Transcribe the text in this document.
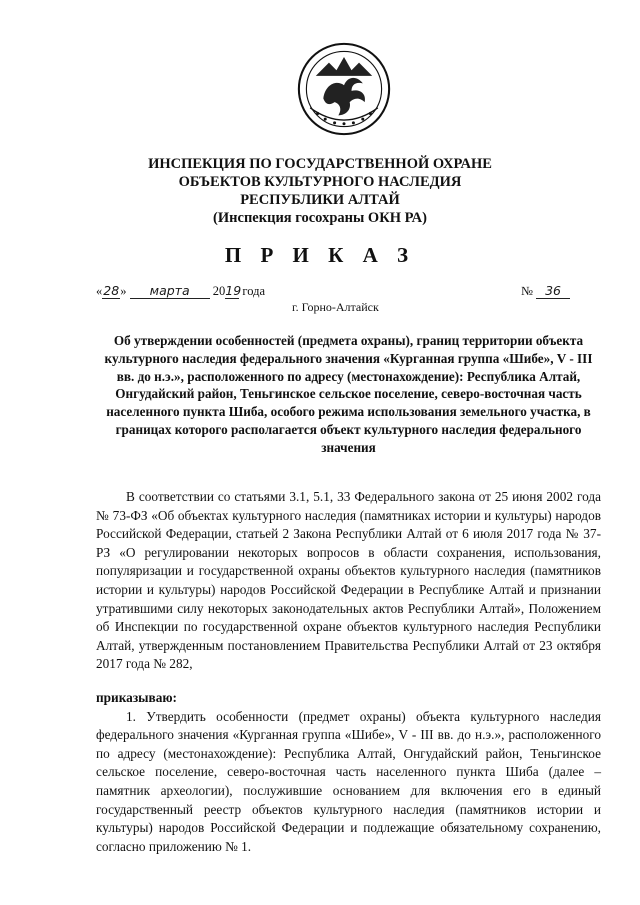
ИНСПЕКЦИЯ ПО ГОСУДАРСТВЕННОЙ ОХРАНЕ
ОБЪЕКТОВ КУЛЬТУРНОГО НАСЛЕДИЯ
РЕСПУБЛИКИ АЛТАЙ
(Инспекция госохраны ОКН РА)
П Р И К А З
«28» марта 2019 года	№ 36
г. Горно-Алтайск
Об утверждении особенностей (предмета охраны), границ территории объекта культурного наследия федерального значения «Курганная группа «Шибе», V - III вв. до н.э.», расположенного по адресу (местонахождение): Республика Алтай, Онгудайский район, Теньгинское сельское поселение, северо-восточная часть населенного пункта Шиба, особого режима использования земельного участка, в границах которого располагается объект культурного наследия федерального значения
В соответствии со статьями 3.1, 5.1, 33 Федерального закона от 25 июня 2002 года № 73-ФЗ «Об объектах культурного наследия (памятниках истории и культуры) народов Российской Федерации, статьей 2 Закона Республики Алтай от 6 июля 2017 года № 37-РЗ «О регулировании некоторых вопросов в области сохранения, использования, популяризации и государственной охраны объектов культурного наследия (памятников истории и культуры) народов Российской Федерации в Республике Алтай и признании утратившими силу некоторых законодательных актов Республики Алтай», Положением об Инспекции по государственной охране объектов культурного наследия Республики Алтай, утвержденным постановлением Правительства Республики Алтай от 23 октября 2017 года № 282,
приказываю:
1. Утвердить особенности (предмет охраны) объекта культурного наследия федерального значения «Курганная группа «Шибе», V - III вв. до н.э.», расположенного по адресу (местонахождение): Республика Алтай, Онгудайский район, Теньгинское сельское поселение, северо-восточная часть населенного пункта Шиба (далее – памятник археологии), послужившие основанием для включения его в единый государственный реестр объектов культурного наследия (памятников истории и культуры) народов Российской Федерации и подлежащие обязательному сохранению, согласно приложению № 1.
